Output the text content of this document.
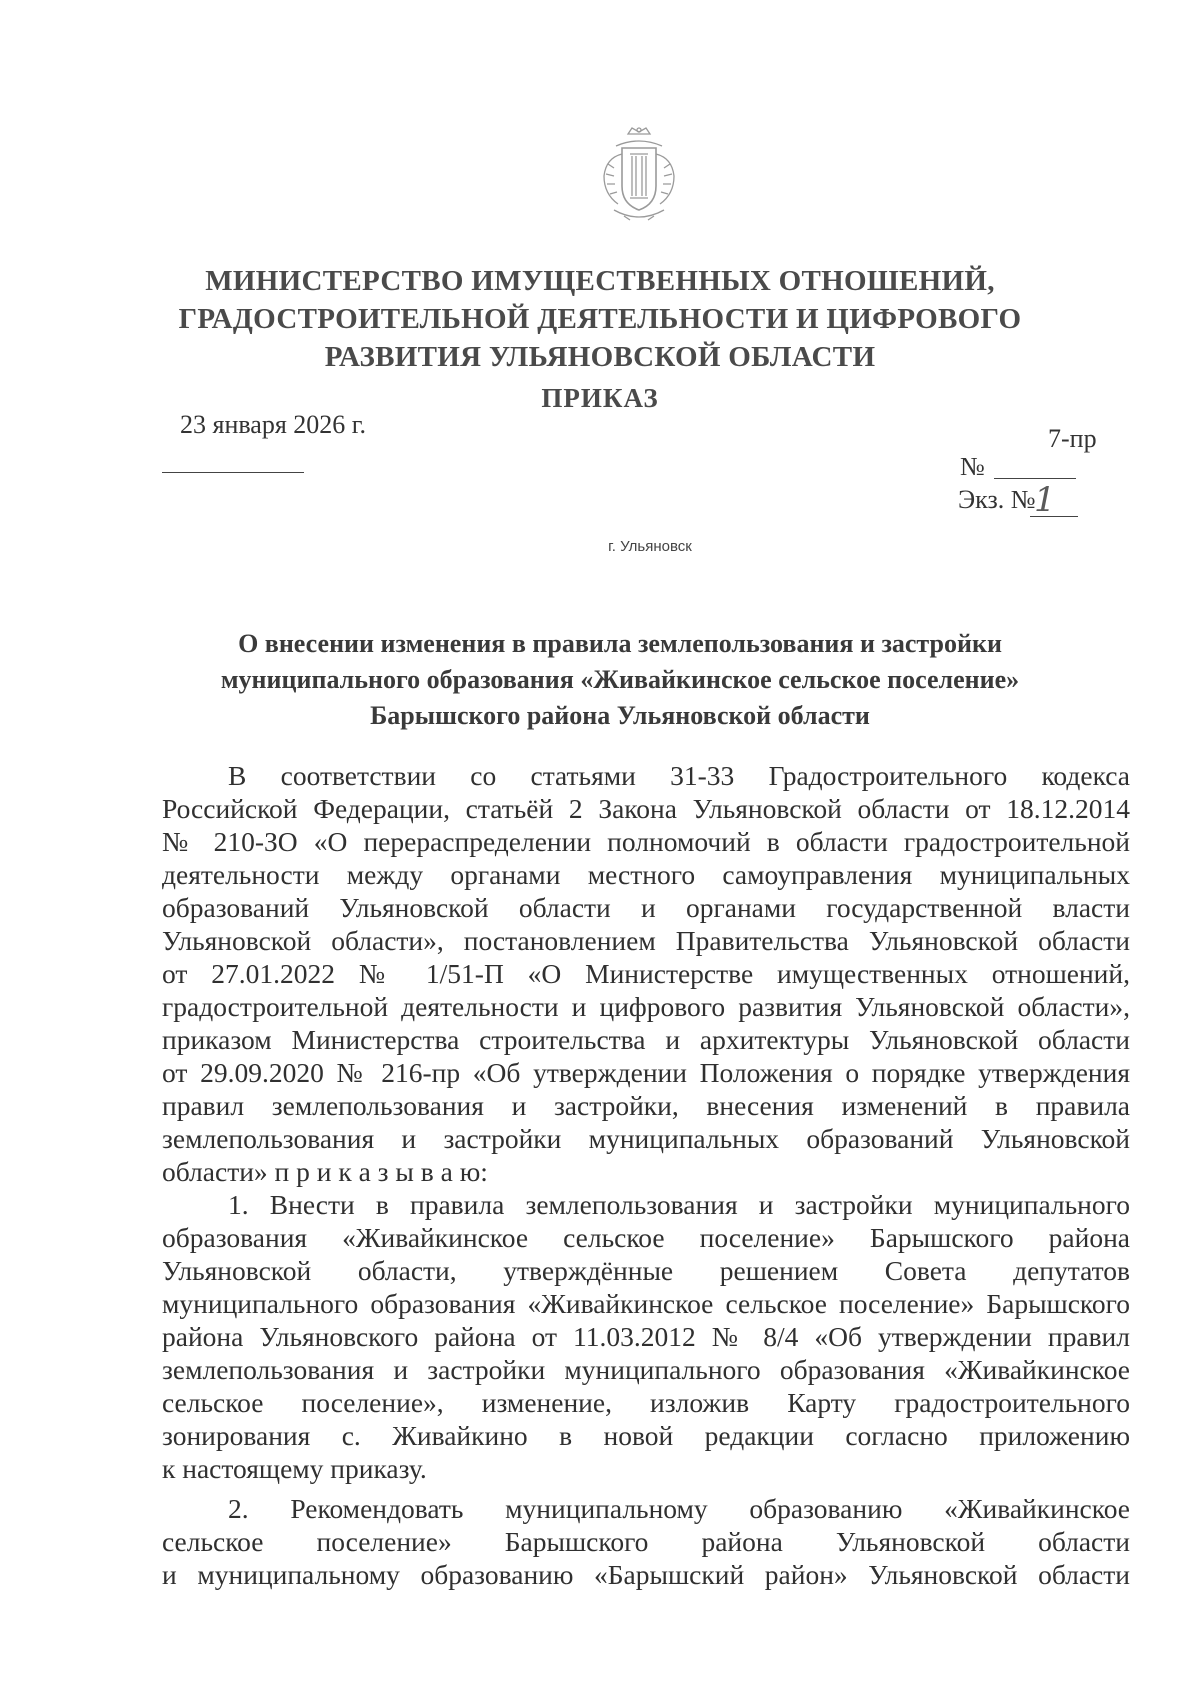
МИНИСТЕРСТВО ИМУЩЕСТВЕННЫХ ОТНОШЕНИЙ,
ГРАДОСТРОИТЕЛЬНОЙ ДЕЯТЕЛЬНОСТИ И ЦИФРОВОГО
РАЗВИТИЯ УЛЬЯНОВСКОЙ ОБЛАСТИ
ПРИКАЗ
23 января 2026 г.	7-пр
№
Экз. №
1
г. Ульяновск
О внесении изменения в правила землепользования и застройки
муниципального образования «Живайкинское сельское поселение»
Барышского района Ульяновской области
В соответствии со статьями 31-33 Градостроительного кодекса
Российской Федерации, статьёй 2 Закона Ульяновской области от 18.12.2014
№ 210-ЗО «О перераспределении полномочий в области градостроительной
деятельности между органами местного самоуправления муниципальных
образований Ульяновской области и органами государственной власти
Ульяновской области», постановлением Правительства Ульяновской области
от 27.01.2022 № 1/51-П «О Министерстве имущественных отношений,
градостроительной деятельности и цифрового развития Ульяновской области»,
приказом Министерства строительства и архитектуры Ульяновской области
от 29.09.2020 № 216-пр «Об утверждении Положения о порядке утверждения
правил землепользования и застройки, внесения изменений в правила
землепользования и застройки муниципальных образований Ульяновской
области» п р и к а з ы в а ю:
1. Внести в правила землепользования и застройки муниципального
образования «Живайкинское сельское поселение» Барышского района
Ульяновской области, утверждённые решением Совета депутатов
муниципального образования «Живайкинское сельское поселение» Барышского
района Ульяновского района от 11.03.2012 № 8/4 «Об утверждении правил
землепользования и застройки муниципального образования «Живайкинское
сельское поселение», изменение, изложив Карту градостроительного
зонирования с. Живайкино в новой редакции согласно приложению
к настоящему приказу.
2. Рекомендовать муниципальному образованию «Живайкинское
сельское поселение» Барышского района Ульяновской области
и муниципальному образованию «Барышский район» Ульяновской области
